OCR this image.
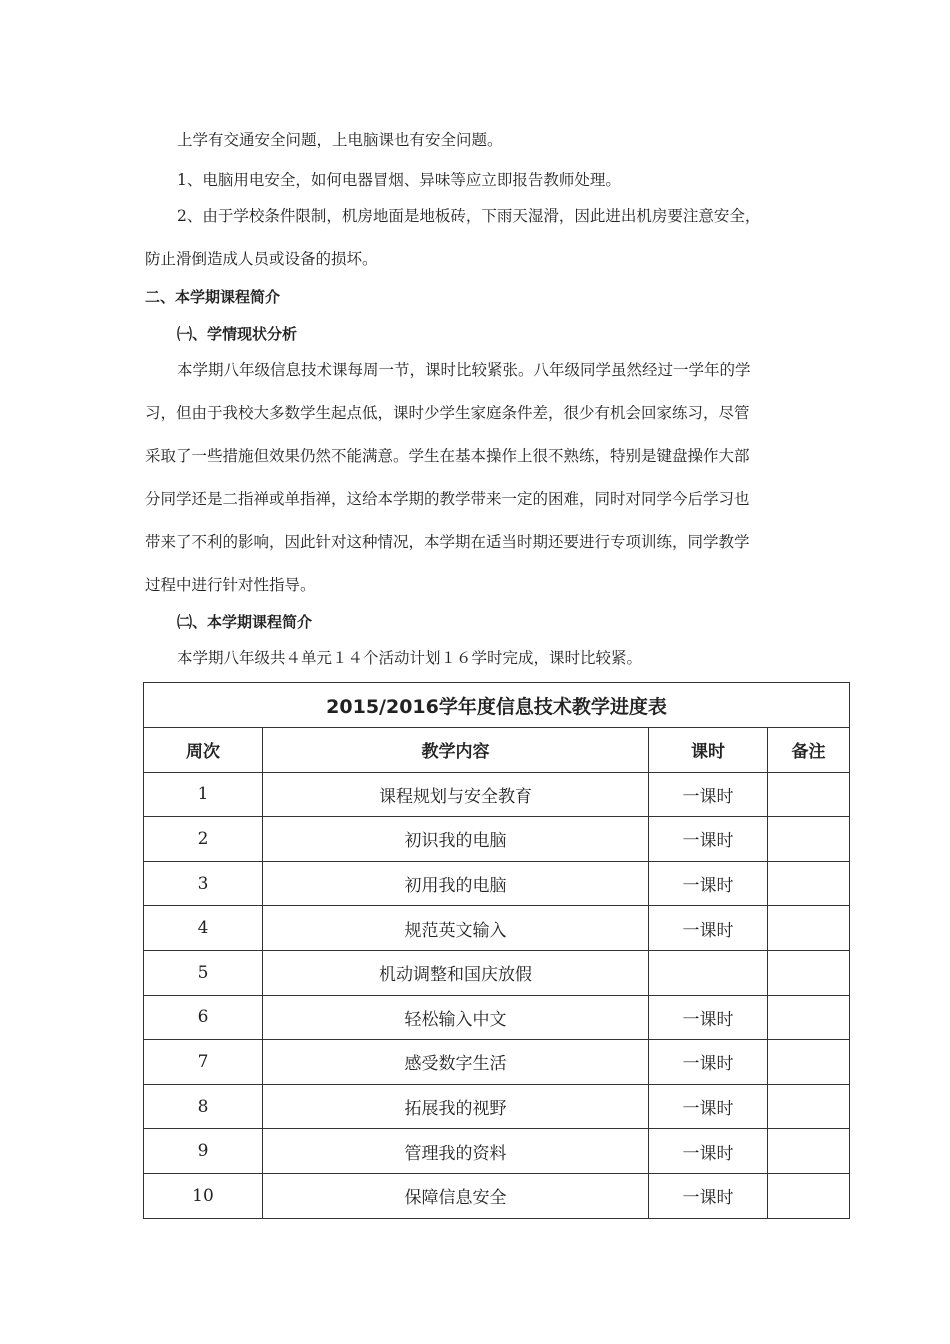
上学有交通安全问题，上电脑课也有安全问题。

1、电脑用电安全，如何电器冒烟、异味等应立即报告教师处理。

2、由于学校条件限制，机房地面是地板砖，下雨天湿滑，因此进出机房要注意安全，

防止滑倒造成人员或设备的损坏。

二、本学期课程简介

㈠、学情现状分析

本学期八年级信息技术课每周一节，课时比较紧张。八年级同学虽然经过一学年的学

习，但由于我校大多数学生起点低，课时少学生家庭条件差，很少有机会回家练习，尽管

采取了一些措施但效果仍然不能满意。学生在基本操作上很不熟练，特别是键盘操作大部

分同学还是二指禅或单指禅，这给本学期的教学带来一定的困难，同时对同学今后学习也

带来了不利的影响，因此针对这种情况，本学期在适当时期还要进行专项训练，同学教学

过程中进行针对性指导。

㈡、本学期课程简介

本学期八年级共４单元１４个活动计划１６学时完成，课时比较紧。

2015/2016学年度信息技术教学进度表			
周次	教学内容	课时	备注
1	课程规划与安全教育	一课时	
2	初识我的电脑	一课时	
3	初用我的电脑	一课时	
4	规范英文输入	一课时	
5	机动调整和国庆放假		
6	轻松输入中文	一课时	
7	感受数字生活	一课时	
8	拓展我的视野	一课时	
9	管理我的资料	一课时	
10	保障信息安全	一课时	
